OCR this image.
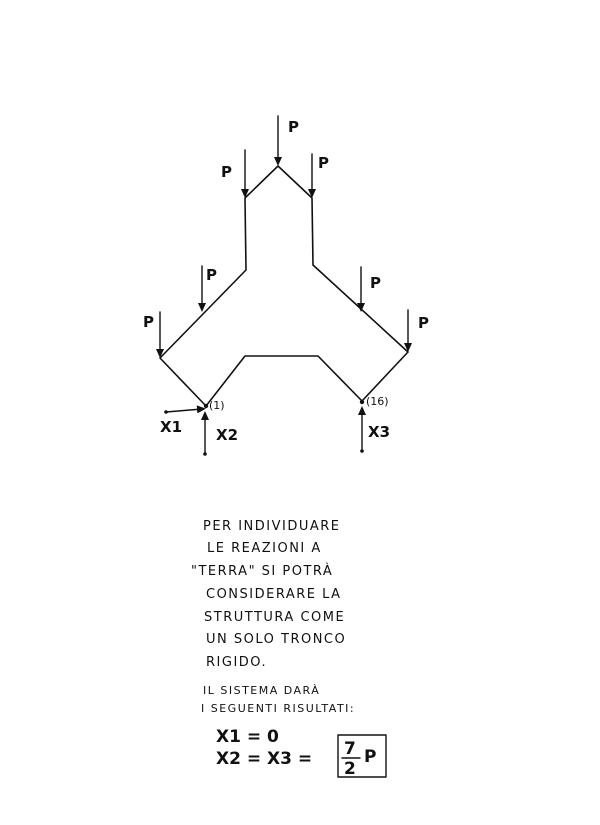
P
P	P
P	P
P	P
(1)	(16)
X1 X2	X3
PER INDIVIDUARE
LE REAZIONI A
"TERRA" SI POTRÀ
CONSIDERARE LA
STRUTTURA COME
UN SOLO TRONCO
RIGIDO.
IL SISTEMA DARÀ
I SEGUENTI RISULTATI:
X1 = 0
X2 = X3 = 7
2
P
